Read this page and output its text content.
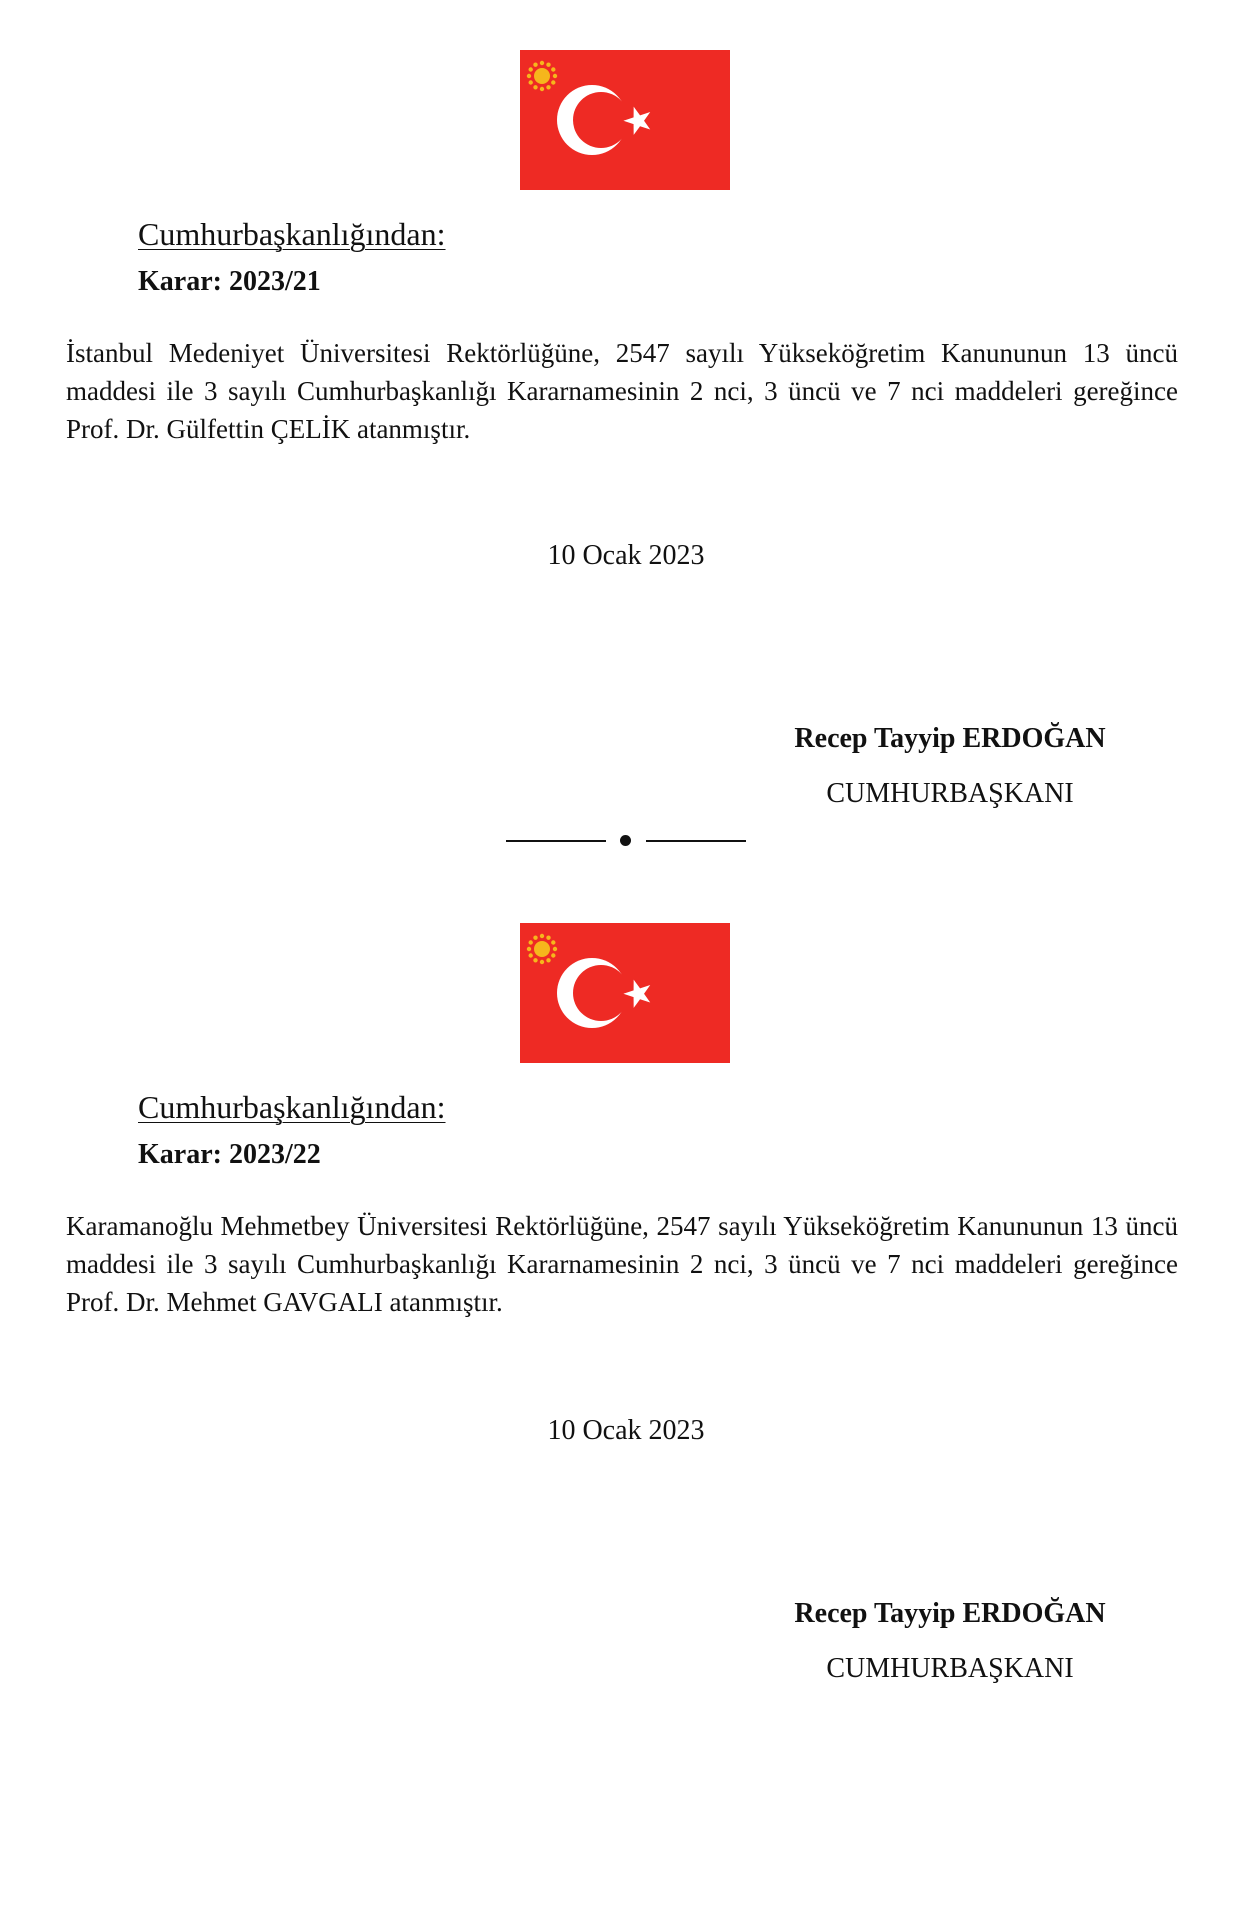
Cumhurbaşkanlığından:
Karar: 2023/21
İstanbul Medeniyet Üniversitesi Rektörlüğüne, 2547 sayılı Yükseköğretim Kanununun 13 üncü maddesi ile 3 sayılı Cumhurbaşkanlığı Kararnamesinin 2 nci, 3 üncü ve 7 nci maddeleri gereğince Prof. Dr. Gülfettin ÇELİK atanmıştır.
10 Ocak 2023
Recep Tayyip ERDOĞAN
CUMHURBAŞKANI
Cumhurbaşkanlığından:
Karar: 2023/22
Karamanoğlu Mehmetbey Üniversitesi Rektörlüğüne, 2547 sayılı Yükseköğretim Kanununun 13 üncü maddesi ile 3 sayılı Cumhurbaşkanlığı Kararnamesinin 2 nci, 3 üncü ve 7 nci maddeleri gereğince Prof. Dr. Mehmet GAVGALI atanmıştır.
10 Ocak 2023
Recep Tayyip ERDOĞAN
CUMHURBAŞKANI
